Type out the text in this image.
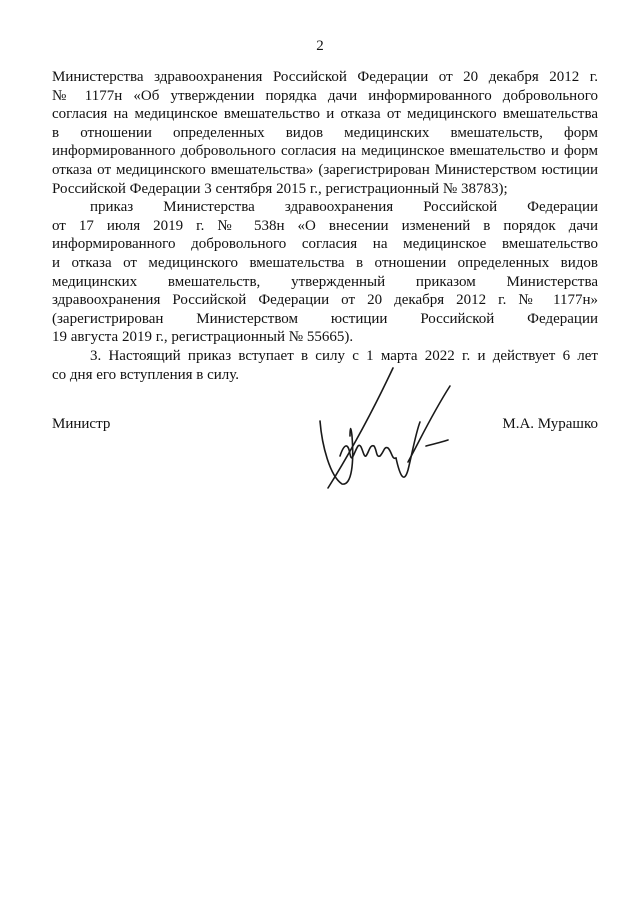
2
Министерства здравоохранения Российской Федерации от 20 декабря 2012 г.
№ 1177н «Об утверждении порядка дачи информированного добровольного
согласия на медицинское вмешательство и отказа от медицинского вмешательства
в отношении определенных видов медицинских вмешательств, форм
информированного добровольного согласия на медицинское вмешательство и форм
отказа от медицинского вмешательства» (зарегистрирован Министерством юстиции
Российской Федерации 3 сентября 2015 г., регистрационный № 38783);
приказ Министерства здравоохранения Российской Федерации
от 17 июля 2019 г. № 538н «О внесении изменений в порядок дачи
информированного добровольного согласия на медицинское вмешательство
и отказа от медицинского вмешательства в отношении определенных видов
медицинских вмешательств, утвержденный приказом Министерства
здравоохранения Российской Федерации от 20 декабря 2012 г. № 1177н»
(зарегистрирован Министерством юстиции Российской Федерации
19 августа 2019 г., регистрационный № 55665).
3. Настоящий приказ вступает в силу с 1 марта 2022 г. и действует 6 лет
со дня его вступления в силу.
Министр	М.А. Мурашко
